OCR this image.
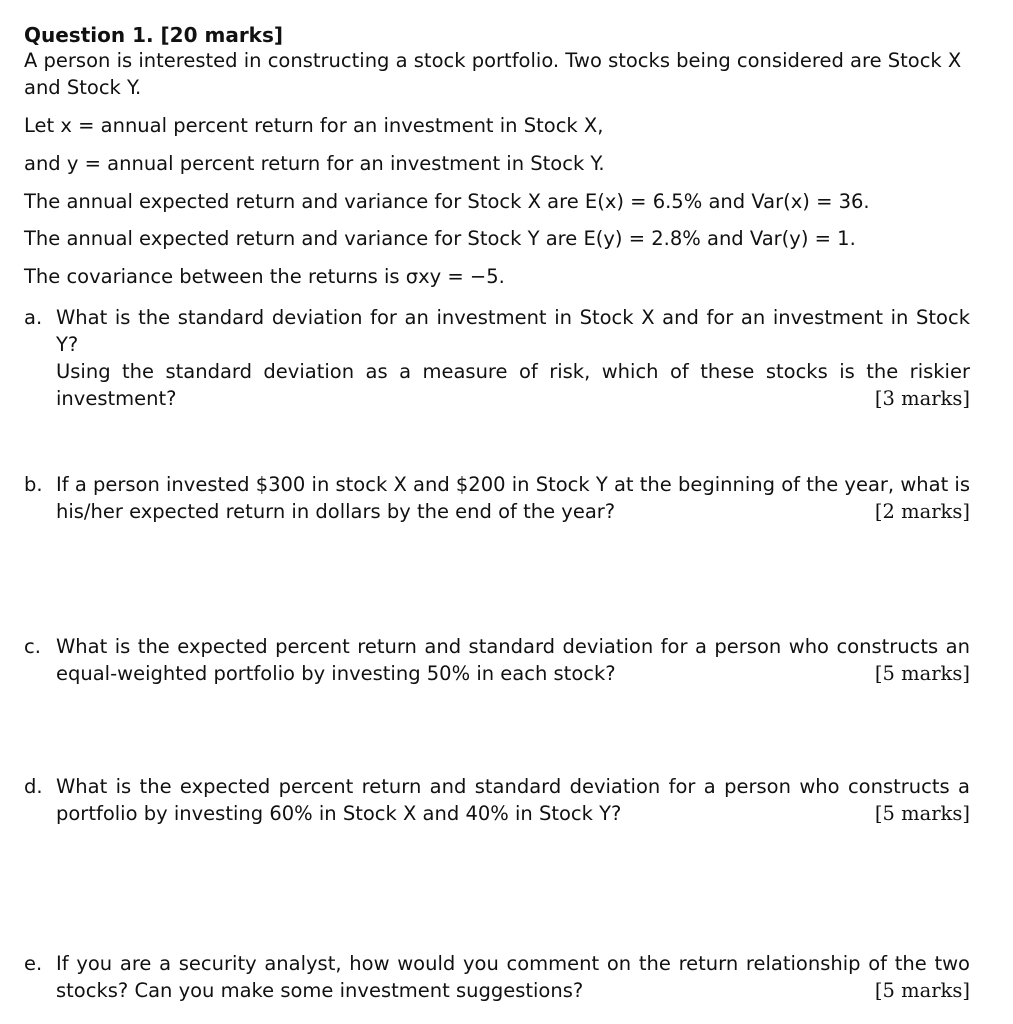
Question 1. [20 marks]
A person is interested in constructing a stock portfolio. Two stocks being considered are Stock X
and Stock Y.
Let x = annual percent return for an investment in Stock X,
and y = annual percent return for an investment in Stock Y.
The annual expected return and variance for Stock X are E(x) = 6.5% and Var(x) = 36.
The annual expected return and variance for Stock Y are E(y) = 2.8% and Var(y) = 1.
The covariance between the returns is σxy = −5.
a. What is the standard deviation for an investment in Stock X and for an investment in Stock Y?
Using the standard deviation as a measure of risk, which of these stocks is the riskier
investment?	[3 marks]
b. If a person invested $300 in stock X and $200 in Stock Y at the beginning of the year, what is
his/her expected return in dollars by the end of the year?	[2 marks]
c. What is the expected percent return and standard deviation for a person who constructs an
equal-weighted portfolio by investing 50% in each stock?	[5 marks]
d. What is the expected percent return and standard deviation for a person who constructs a
portfolio by investing 60% in Stock X and 40% in Stock Y?	[5 marks]
e. If you are a security analyst, how would you comment on the return relationship of the two
stocks? Can you make some investment suggestions?	[5 marks]
